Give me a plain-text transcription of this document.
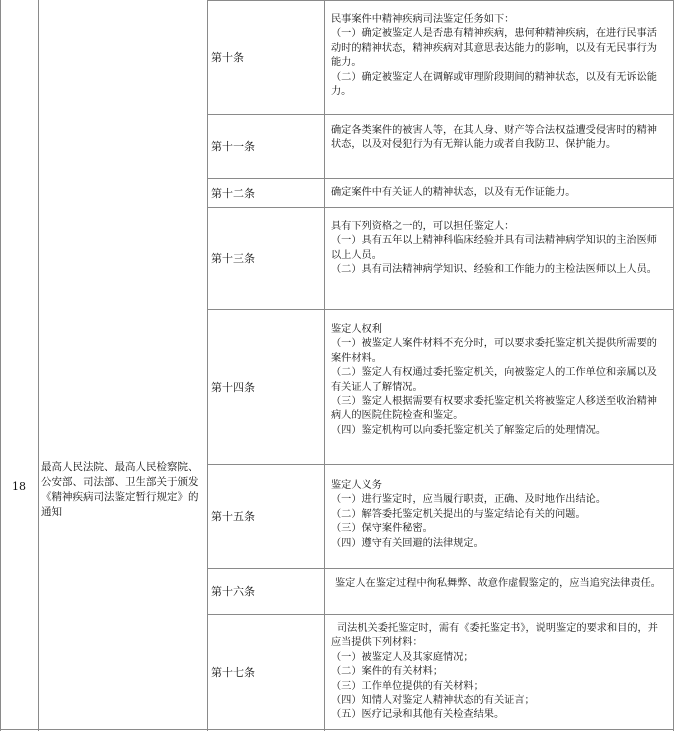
18
最高人民法院、最高人民检察院、公安部、司法部、卫生部关于颁发《精神疾病司法鉴定暂行规定》的通知
第十条
民事案件中精神疾病司法鉴定任务如下：
（一）确定被鉴定人是否患有精神疾病，患何种精神疾病，在进行民事活动时的精神状态，精神疾病对其意思表达能力的影响，以及有无民事行为能力。
（二）确定被鉴定人在调解或审理阶段期间的精神状态，以及有无诉讼能力。
第十一条
确定各类案件的被害人等，在其人身、财产等合法权益遭受侵害时的精神状态，以及对侵犯行为有无辩认能力或者自我防卫、保护能力。
第十二条	确定案件中有关证人的精神状态，以及有无作证能力。
第十三条
具有下列资格之一的，可以担任鉴定人：
（一）具有五年以上精神科临床经验并具有司法精神病学知识的主治医师以上人员。
（二）具有司法精神病学知识、经验和工作能力的主检法医师以上人员。
第十四条
鉴定人权利
（一）被鉴定人案件材料不充分时，可以要求委托鉴定机关提供所需要的案件材料。
（二）鉴定人有权通过委托鉴定机关，向被鉴定人的工作单位和亲属以及有关证人了解情况。
（三）鉴定人根据需要有权要求委托鉴定机关将被鉴定人移送至收治精神病人的医院住院检查和鉴定。
（四）鉴定机构可以向委托鉴定机关了解鉴定后的处理情况。
第十五条
鉴定人义务
（一）进行鉴定时，应当履行职责，正确、及时地作出结论。
（二）解答委托鉴定机关提出的与鉴定结论有关的问题。
（三）保守案件秘密。
（四）遵守有关回避的法律规定。
第十六条
鉴定人在鉴定过程中徇私舞弊、故意作虚假鉴定的，应当追究法律责任。
第十七条
司法机关委托鉴定时，需有《委托鉴定书》，说明鉴定的要求和目的，并应当提供下列材料：
（一）被鉴定人及其家庭情况；
（二）案件的有关材料；
（三）工作单位提供的有关材料；
（四）知情人对鉴定人精神状态的有关证言；
（五）医疗记录和其他有关检查结果。
